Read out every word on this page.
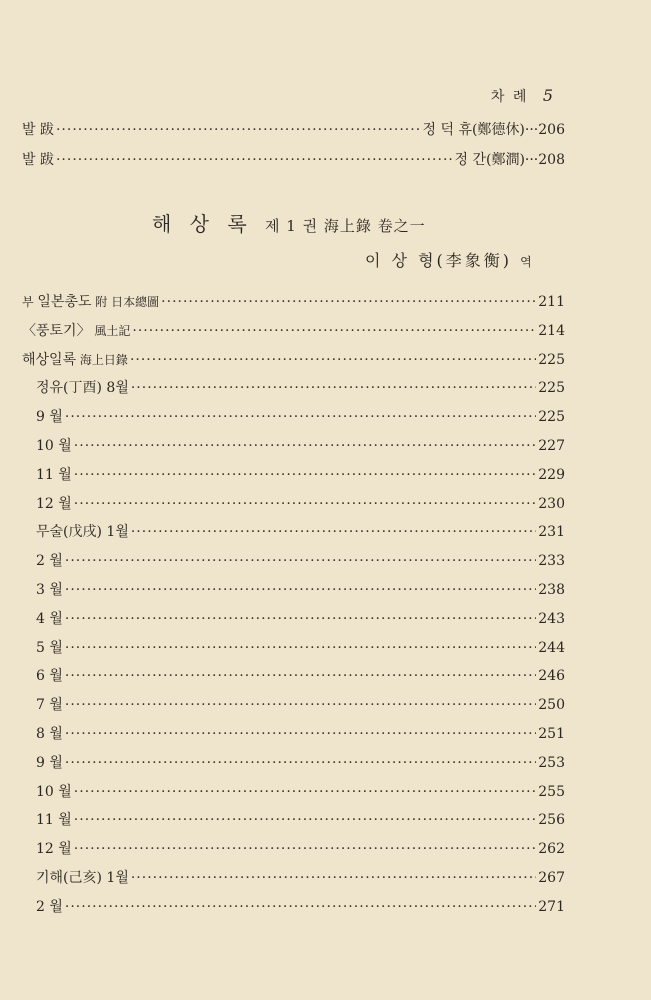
차 례 5
발 跋 ·····	정 덕 휴(鄭德休) ··· 206
발 跋 ·····	정 간(鄭澗) ··· 208
해 상 록 제 1 권 海上錄 卷之一
이 상 형(李象衡) 역
부 일본총도 附 日本總圖 ·····	211
〈풍토기〉 風土記 ·····	214
해상일록 海上日錄 ·····	225
정유(丁酉) 8월 ·····	225
9 월 ·····	225
10 월 ·····	227
11 월 ·····	229
12 월 ·····	230
무술(戊戌) 1월 ·····	231
2 월 ·····	233
3 월 ·····	238
4 월 ·····	243
5 월 ·····	244
6 월 ·····	246
7 월 ·····	250
8 월 ·····	251
9 월 ·····	253
10 월 ·····	255
11 월 ·····	256
12 월 ·····	262
기해(己亥) 1월 ·····	267
2 월 ·····	271
